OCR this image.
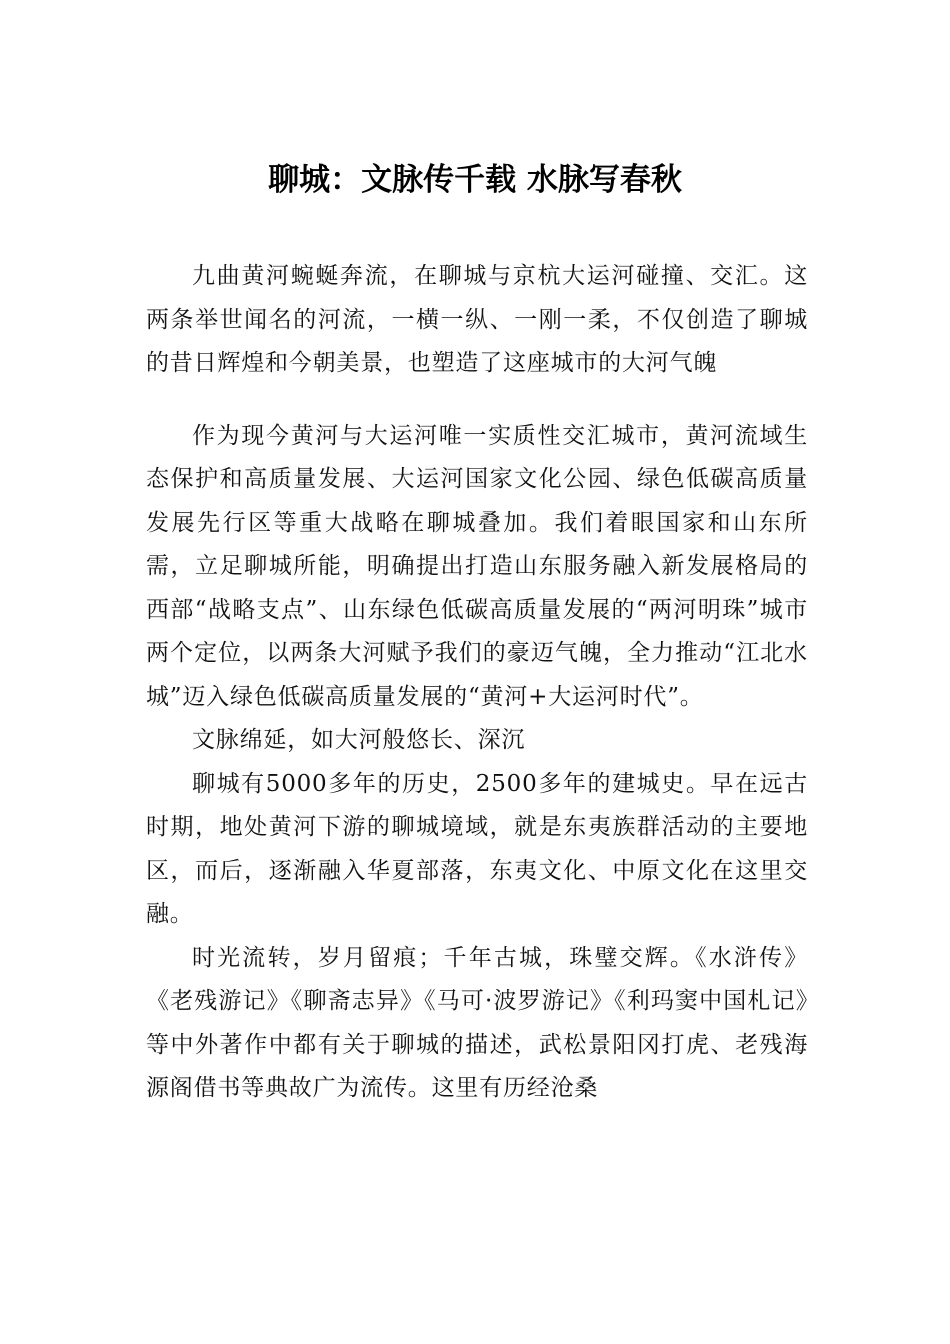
聊城：文脉传千载 水脉写春秋

九曲黄河蜿蜒奔流，在聊城与京杭大运河碰撞、交汇。这两条举世闻名的河流，一横一纵、一刚一柔，不仅创造了聊城的昔日辉煌和今朝美景，也塑造了这座城市的大河气魄

作为现今黄河与大运河唯一实质性交汇城市，黄河流域生态保护和高质量发展、大运河国家文化公园、绿色低碳高质量发展先行区等重大战略在聊城叠加。我们着眼国家和山东所需，立足聊城所能，明确提出打造山东服务融入新发展格局的西部“战略支点”、山东绿色低碳高质量发展的“两河明珠”城市两个定位，以两条大河赋予我们的豪迈气魄，全力推动“江北水城”迈入绿色低碳高质量发展的“黄河+大运河时代”。

文脉绵延，如大河般悠长、深沉

聊城有5000多年的历史，2500多年的建城史。早在远古时期，地处黄河下游的聊城境域，就是东夷族群活动的主要地区，而后，逐渐融入华夏部落，东夷文化、中原文化在这里交融。

时光流转，岁月留痕；千年古城，珠璧交辉。《水浒传》《老残游记》《聊斋志异》《马可·波罗游记》《利玛窦中国札记》等中外著作中都有关于聊城的描述，武松景阳冈打虎、老残海源阁借书等典故广为流传。这里有历经沧桑
